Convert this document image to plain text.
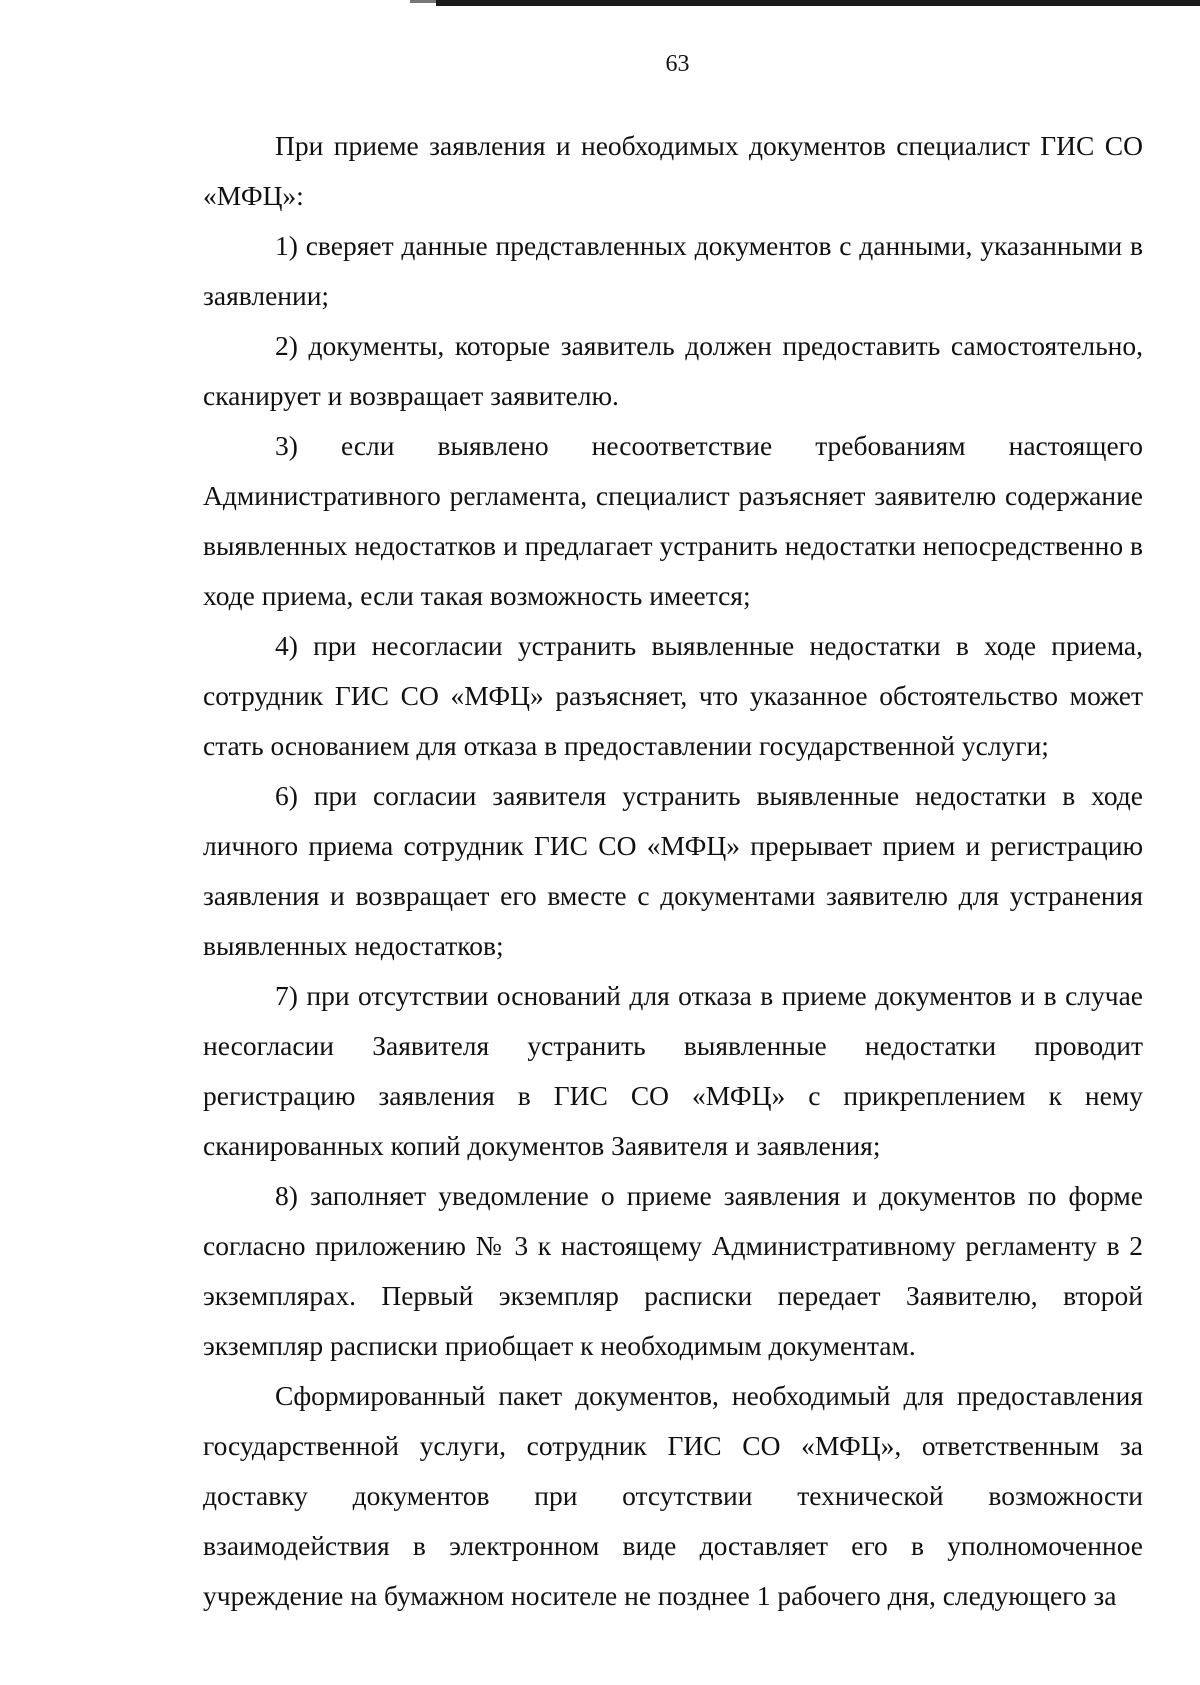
63

При приеме заявления и необходимых документов специалист ГИС СО «МФЦ»:

1) сверяет данные представленных документов с данными, указанными в заявлении;

2) документы, которые заявитель должен предоставить самостоятельно, сканирует и возвращает заявителю.

3) если выявлено несоответствие требованиям настоящего Административного регламента, специалист разъясняет заявителю содержание выявленных недостатков и предлагает устранить недостатки непосредственно в ходе приема, если такая возможность имеется;

4) при несогласии устранить выявленные недостатки в ходе приема, сотрудник ГИС СО «МФЦ» разъясняет, что указанное обстоятельство может стать основанием для отказа в предоставлении государственной услуги;

6) при согласии заявителя устранить выявленные недостатки в ходе личного приема сотрудник ГИС СО «МФЦ» прерывает прием и регистрацию заявления и возвращает его вместе с документами заявителю для устранения выявленных недостатков;

7) при отсутствии оснований для отказа в приеме документов и в случае несогласии Заявителя устранить выявленные недостатки проводит регистрацию заявления в ГИС СО «МФЦ» с прикреплением к нему сканированных копий документов Заявителя и заявления;

8) заполняет уведомление о приеме заявления и документов по форме согласно приложению № 3 к настоящему Административному регламенту в 2 экземплярах. Первый экземпляр расписки передает Заявителю, второй экземпляр расписки приобщает к необходимым документам.

Сформированный пакет документов, необходимый для предоставления государственной услуги, сотрудник ГИС СО «МФЦ», ответственным за доставку документов при отсутствии технической возможности взаимодействия в электронном виде доставляет его в уполномоченное учреждение на бумажном носителе не позднее 1 рабочего дня, следующего за
